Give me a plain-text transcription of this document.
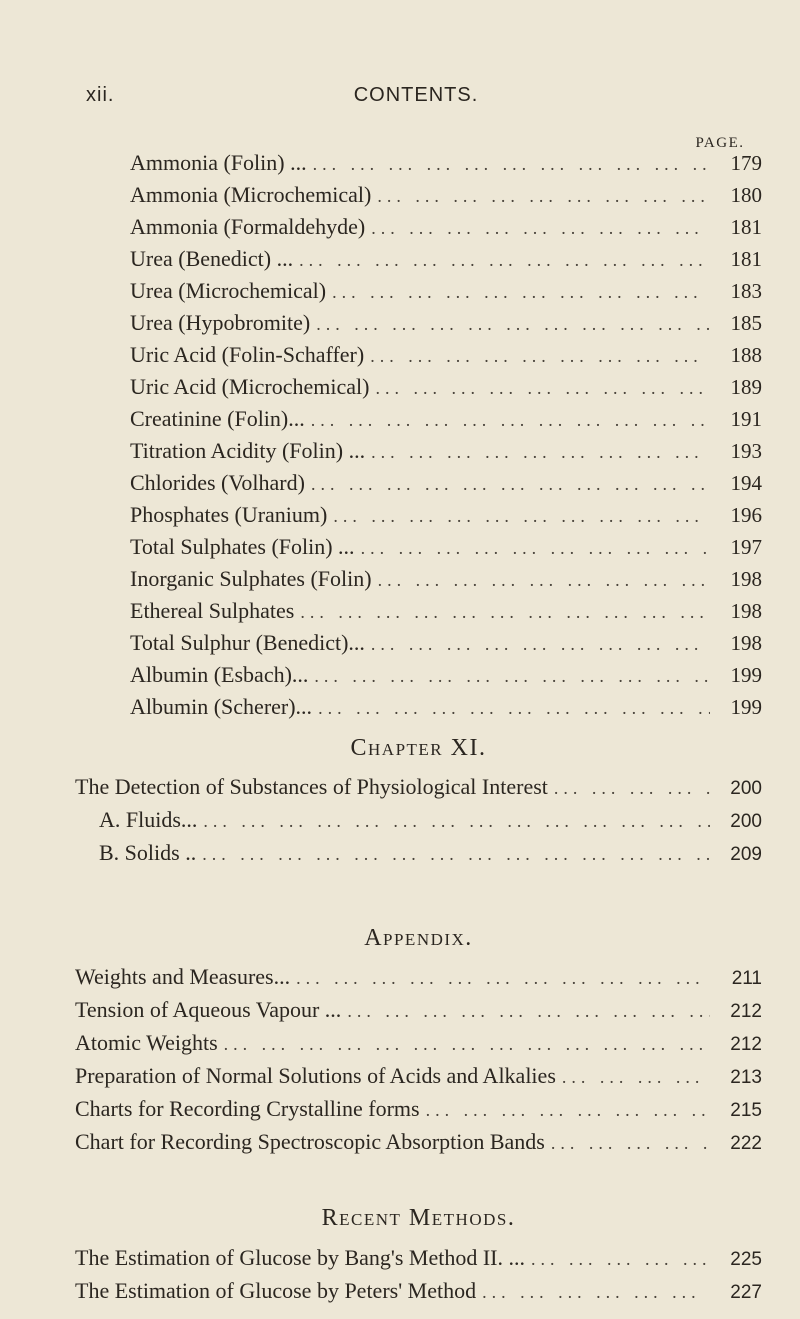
xii.	CONTENTS.
PAGE.
Ammonia (Folin) ... ... .	179
Ammonia (Microchemical) ... .	180
Ammonia (Formaldehyde) ... .	181
Urea (Benedict) ... ... .	181
Urea (Microchemical) ... .	183
Urea (Hypobromite) ... .	185
Uric Acid (Folin-Schaffer) ... .	188
Uric Acid (Microchemical) ... .	189
Creatinine (Folin)... ... .	191
Titration Acidity (Folin) ... ... .	193
Chlorides (Volhard) ... .	194
Phosphates (Uranium) ... .	196
Total Sulphates (Folin) ... ... .	197
Inorganic Sulphates (Folin) ... .	198
Ethereal Sulphates ... .	198
Total Sulphur (Benedict)... ... .	198
Albumin (Esbach)... ... .	199
Albumin (Scherer)... ... .	199
Chapter XI.
The Detection of Substances of Physiological Interest ... .	200
A. Fluids... ... .	200
B. Solids .. ... .	209
Appendix.
Weights and Measures... ... .	211
Tension of Aqueous Vapour ... ... .	212
Atomic Weights ... .	212
Preparation of Normal Solutions of Acids and Alkalies ... .	213
Charts for Recording Crystalline forms ... .	215
Chart for Recording Spectroscopic Absorption Bands ... .	222
Recent Methods.
The Estimation of Glucose by Bang's Method II. ... ... .	225
The Estimation of Glucose by Peters' Method ... .	227
